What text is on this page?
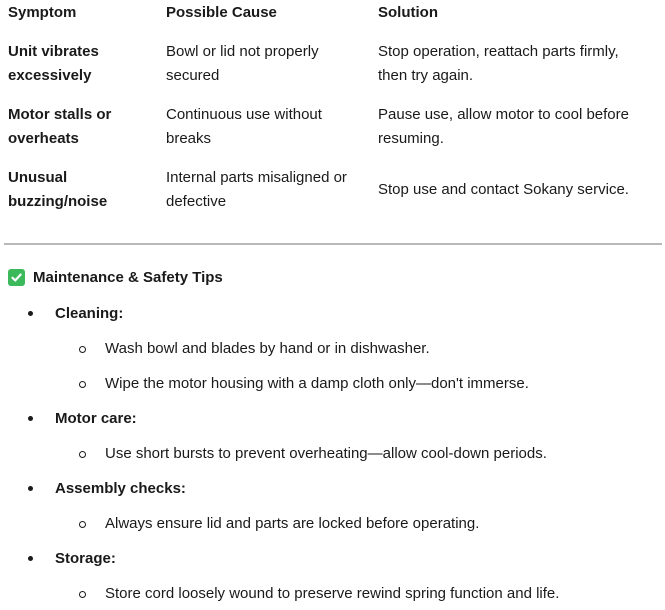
Symptom	Possible Cause	Solution
Unit vibrates
excessively
Bowl or lid not properly
secured
Stop operation, reattach parts firmly,
then try again.
Motor stalls or
overheats
Continuous use without
breaks
Pause use, allow motor to cool before
resuming.
Unusual
buzzing/noise
Internal parts misaligned or
defective
Stop use and contact Sokany service.
Maintenance & Safety Tips
Cleaning:
Wash bowl and blades by hand or in dishwasher.
Wipe the motor housing with a damp cloth only—don't immerse.
Motor care:
Use short bursts to prevent overheating—allow cool-down periods.
Assembly checks:
Always ensure lid and parts are locked before operating.
Storage:
Store cord loosely wound to preserve rewind spring function and life.
